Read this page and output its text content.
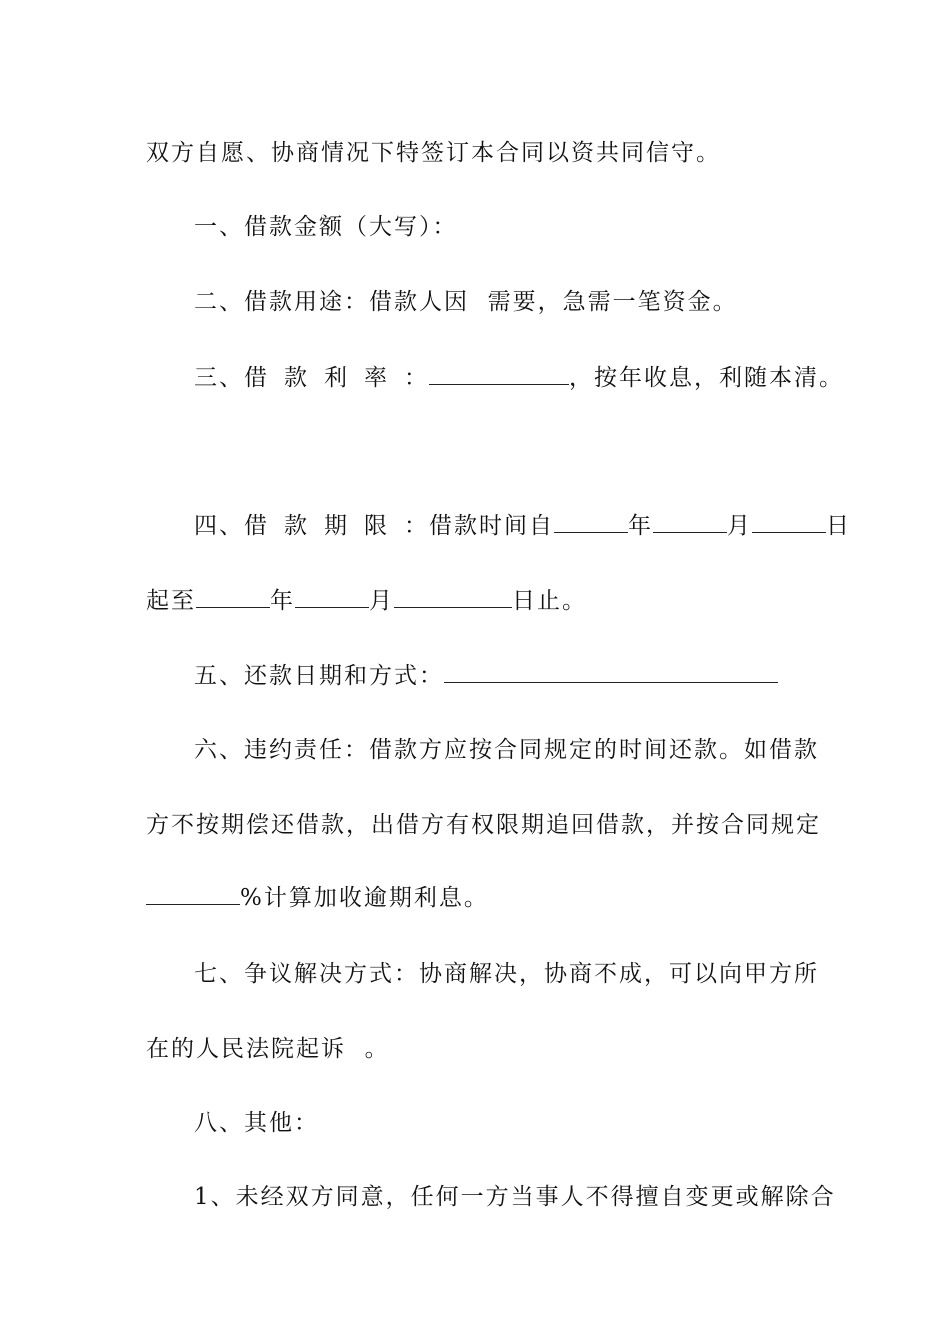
双方自愿、协商情况下特签订本合同以资共同信守。
一、借款金额（大写）：
二、借款用途：借款人因  需要，急需一笔资金。
三、借款利率：	，按年收息，利随本清。
四、借款期限：借款时间自	年	月	日
起至	年	月	日止。
五、还款日期和方式：
六、违约责任：借款方应按合同规定的时间还款。如借款
方不按期偿还借款，出借方有权限期追回借款，并按合同规定
%计算加收逾期利息。
七、争议解决方式：协商解决，协商不成，可以向甲方所
在的人民法院起诉  。
八、其他：
1、未经双方同意，任何一方当事人不得擅自变更或解除合
